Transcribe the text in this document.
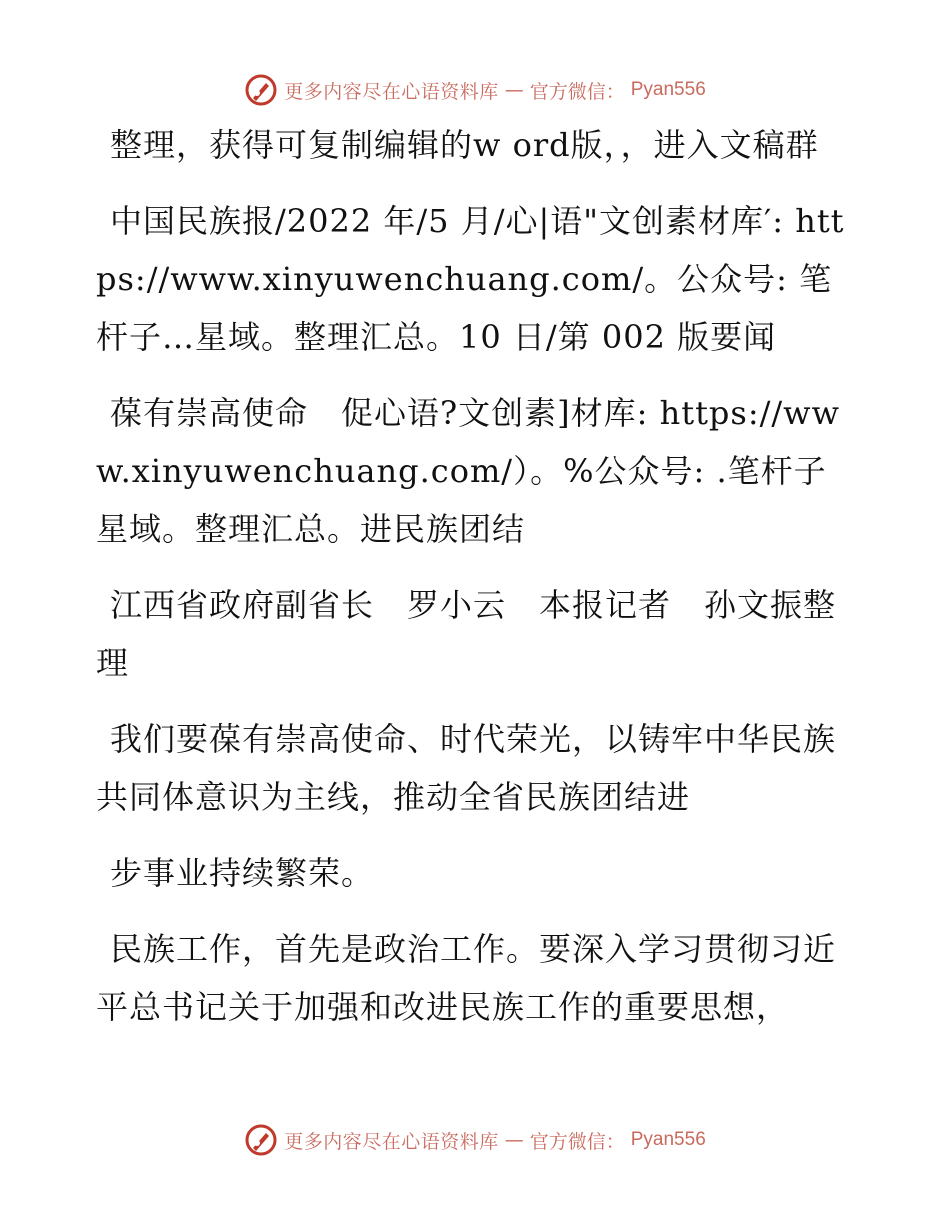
更多内容尽在心语资料库 — 官方微信： Pyan556

整理，获得可复制编辑的w ord版，，进入文稿群

中国民族报/2022 年/5 月/心|语"文创素材库′: https://www.xinyuwenchuang.com/。公众号: 笔杆子…星域。整理汇总。10 日/第 002 版要闻

葆有崇高使命　促心语?文创素]材库: https://www.xinyuwenchuang.com/）。%公众号: .笔杆子星域。整理汇总。进民族团结

江西省政府副省长　罗小云　本报记者　孙文振整理

我们要葆有崇高使命、时代荣光，以铸牢中华民族共同体意识为主线，推动全省民族团结进

步事业持续繁荣。

民族工作，首先是政治工作。要深入学习贯彻习近平总书记关于加强和改进民族工作的重要思想，

更多内容尽在心语资料库 — 官方微信： Pyan556
